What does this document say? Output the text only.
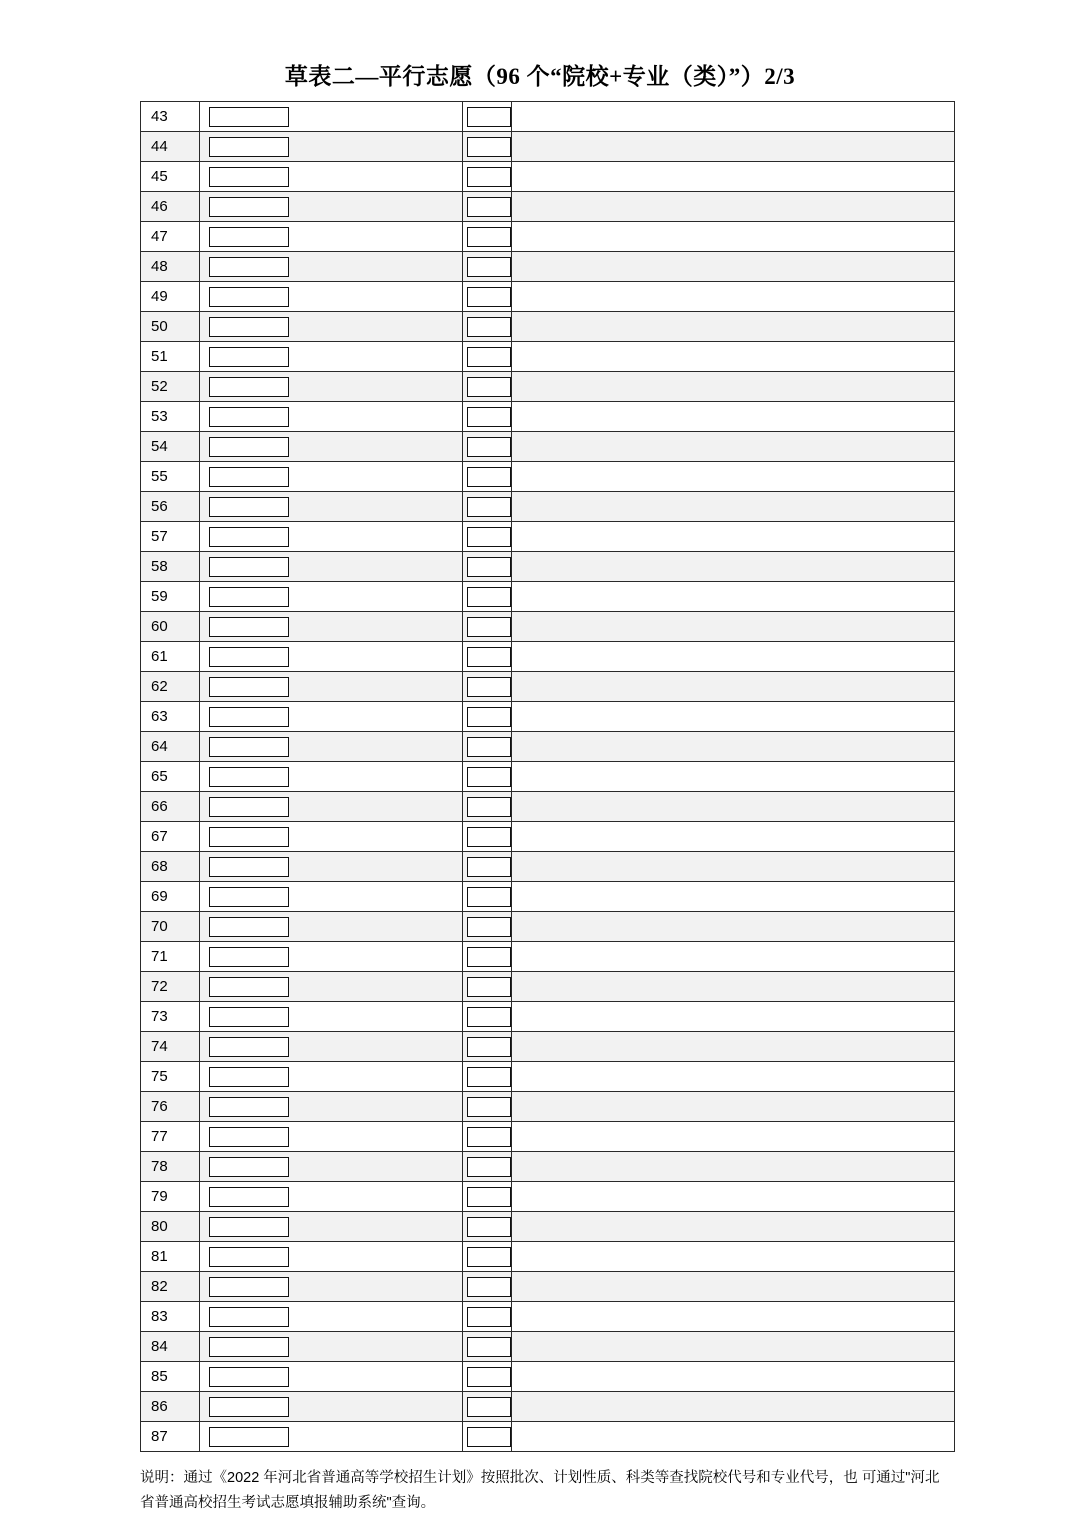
草表二—平行志愿（96 个“院校+专业（类）”）2/3
43	

44	

45	

46	

47	

48	

49	

50	

51	

52	

53	

54	

55	

56	

57	

58	

59	

60	

61	

62	

63	

64	

65	

66	

67	

68	

69	

70	

71	

72	

73	

74	

75	

76	

77	

78	

79	

80	

81	

82	

83	

84	

85	

86	

87	

说明：通过《2022 年河北省普通高等学校招生计划》按照批次、计划性质、科类等查找院校代号和专业代号，也 可通过"河北省普通高校招生考试志愿填报辅助系统"查询。
